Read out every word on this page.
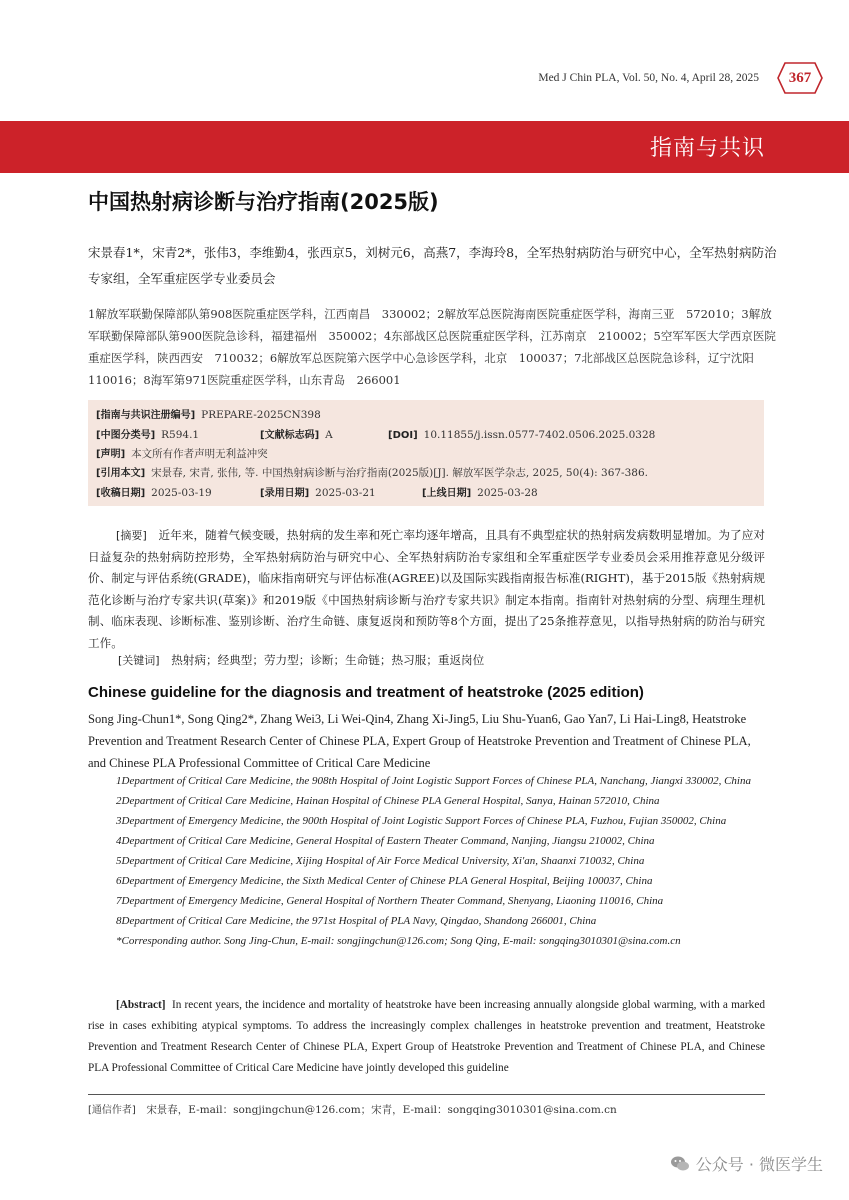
Med J Chin PLA, Vol. 50, No. 4, April 28, 2025	367
指南与共识
中国热射病诊断与治疗指南(2025版)
宋景春1*，宋青2*，张伟3，李维勤4，张西京5，刘树元6，高燕7，李海玲8，全军热射病防治与研究中心，全军热射病防治专家组，全军重症医学专业委员会
1解放军联勤保障部队第908医院重症医学科，江西南昌　330002；2解放军总医院海南医院重症医学科，海南三亚　572010；3解放军联勤保障部队第900医院急诊科，福建福州　350002；4东部战区总医院重症医学科，江苏南京　210002；5空军军医大学西京医院重症医学科，陕西西安　710032；6解放军总医院第六医学中心急诊医学科，北京　100037；7北部战区总医院急诊科，辽宁沈阳　110016；8海军第971医院重症医学科，山东青岛　266001
[指南与共识注册编号] PREPARE-2025CN398
[中图分类号] R594.1	[文献标志码] A	[DOI] 10.11855/j.issn.0577-7402.0506.2025.0328
[声明] 本文所有作者声明无利益冲突
[引用本文] 宋景春, 宋青, 张伟, 等. 中国热射病诊断与治疗指南(2025版)[J]. 解放军医学杂志, 2025, 50(4): 367-386.
[收稿日期] 2025-03-19	[录用日期] 2025-03-21	[上线日期] 2025-03-28
[摘要]　 近年来，随着气候变暖，热射病的发生率和死亡率均逐年增高，且具有不典型症状的热射病发病数明显增加。为了应对日益复杂的热射病防控形势，全军热射病防治与研究中心、全军热射病防治专家组和全军重症医学专业委员会采用推荐意见分级评价、制定与评估系统(GRADE)，临床指南研究与评估标准(AGREE)以及国际实践指南报告标准(RIGHT)，基于2015版《热射病规范化诊断与治疗专家共识(草案)》和2019版《中国热射病诊断与治疗专家共识》制定本指南。指南针对热射病的分型、病理生理机制、临床表现、诊断标准、鉴别诊断、治疗生命链、康复返岗和预防等8个方面，提出了25条推荐意见，以指导热射病的防治与研究工作。
[关键词]　 热射病；经典型；劳力型；诊断；生命链；热习服；重返岗位
Chinese guideline for the diagnosis and treatment of heatstroke (2025 edition)
Song Jing-Chun1*, Song Qing2*, Zhang Wei3, Li Wei-Qin4, Zhang Xi-Jing5, Liu Shu-Yuan6, Gao Yan7, Li Hai-Ling8, Heatstroke Prevention and Treatment Research Center of Chinese PLA, Expert Group of Heatstroke Prevention and Treatment of Chinese PLA, and Chinese PLA Professional Committee of Critical Care Medicine
1Department of Critical Care Medicine, the 908th Hospital of Joint Logistic Support Forces of Chinese PLA, Nanchang, Jiangxi 330002, China
2Department of Critical Care Medicine, Hainan Hospital of Chinese PLA General Hospital, Sanya, Hainan 572010, China
3Department of Emergency Medicine, the 900th Hospital of Joint Logistic Support Forces of Chinese PLA, Fuzhou, Fujian 350002, China
4Department of Critical Care Medicine, General Hospital of Eastern Theater Command, Nanjing, Jiangsu 210002, China
5Department of Critical Care Medicine, Xijing Hospital of Air Force Medical University, Xi'an, Shaanxi 710032, China
6Department of Emergency Medicine, the Sixth Medical Center of Chinese PLA General Hospital, Beijing 100037, China
7Department of Emergency Medicine, General Hospital of Northern Theater Command, Shenyang, Liaoning 110016, China
8Department of Critical Care Medicine, the 971st Hospital of PLA Navy, Qingdao, Shandong 266001, China
*Corresponding author. Song Jing-Chun, E-mail: songjingchun@126.com; Song Qing, E-mail: songqing3010301@sina.com.cn
[Abstract] In recent years, the incidence and mortality of heatstroke have been increasing annually alongside global warming, with a marked rise in cases exhibiting atypical symptoms. To address the increasingly complex challenges in heatstroke prevention and treatment, Heatstroke Prevention and Treatment Research Center of Chinese PLA, Expert Group of Heatstroke Prevention and Treatment of Chinese PLA, and Chinese PLA Professional Committee of Critical Care Medicine have jointly developed this guideline
[通信作者]　 宋景春，E-mail：songjingchun@126.com；宋青，E-mail：songqing3010301@sina.com.cn
公众号 · 微医学生
